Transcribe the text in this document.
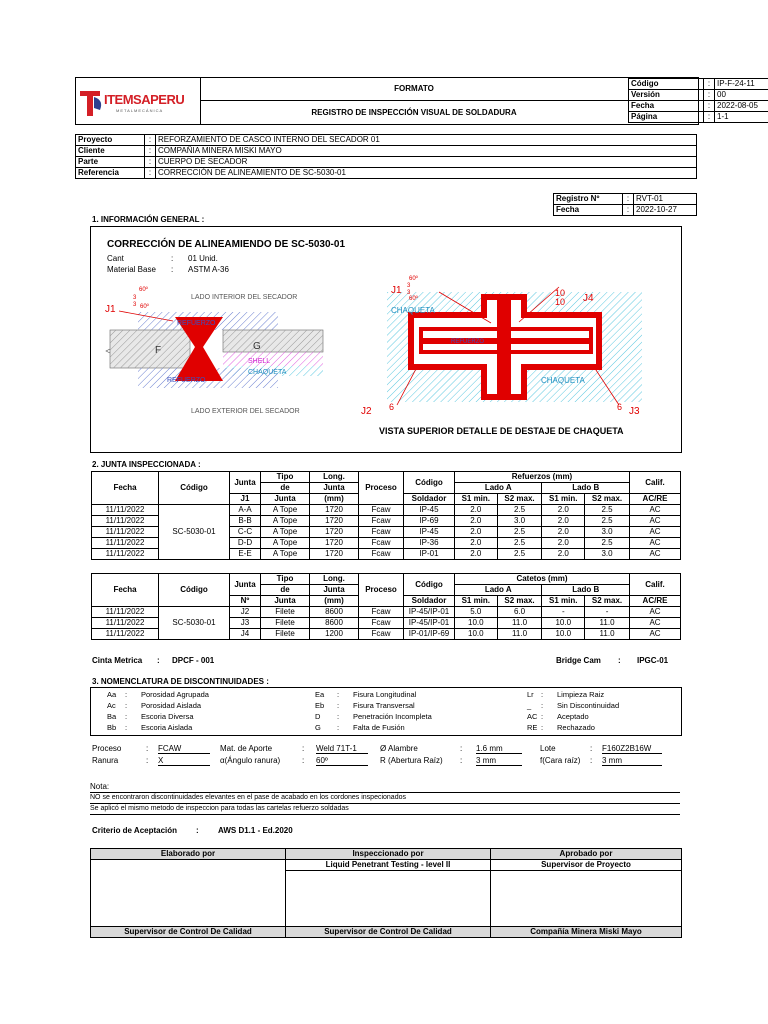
ITEMSAPERU
METALMECÁNICA
FORMATO
REGISTRO DE INSPECCIÓN VISUAL DE SOLDADURA
Código	:	IP-F-24-11
Versión	:	00
Fecha	:	2022-08-05
Página	:	1-1
Proyecto	:	REFORZAMIENTO DE CASCO INTERNO DEL SECADOR 01
Cliente	:	COMPAÑIA MINERA MISKI MAYO
Parte	:	CUERPO DE SECADOR
Referencia	:	CORRECCIÓN DE ALINEAMIENTO DE SC-5030-01
Registro Nº	:	RVT-01
Fecha	:	2022-10-27
1. INFORMACIÓN GENERAL :
CORRECCIÓN DE ALINEAMIENDO DE SC-5030-01
Cant	: 01 Unid.
Material Base : ASTM A-36
J1
60º
3
3 60º
LADO INTERIOR DEL SECADOR
REFUERZO
F	G
SHELL
CHAQUETA
REFUERZO
LADO EXTERIOR DEL SECADOR
J1
60º
3
3
60º
10
10 J4
CHAQUETA
REFUERZO
CHAQUETA
J2 6	6 J3
VISTA SUPERIOR DETALLE DE DESTAJE DE CHAQUETA
2. JUNTA INSPECCIONADA :
Fecha	Código	Junta	Tipo	Long.	Proceso	Código	Refuerzos (mm)				Calif.
			de	Junta			Lado A		Lado B		
		J1	Junta	(mm)		Soldador	S1 min.	S2 max.	S1 min.	S2 max.	AC/RE
11/11/2022	SC-5030-01	A-A	A Tope	1720	Fcaw	IP-45	2.0	2.5	2.0	2.5	AC
11/11/2022		B-B	A Tope	1720	Fcaw	IP-69	2.0	3.0	2.0	2.5	AC
11/11/2022		C-C	A Tope	1720	Fcaw	IP-45	2.0	2.5	2.0	3.0	AC
11/11/2022		D-D	A Tope	1720	Fcaw	IP-36	2.0	2.5	2.0	2.5	AC
11/11/2022		E-E	A Tope	1720	Fcaw	IP-01	2.0	2.5	2.0	3.0	AC
Fecha	Código	Junta	Tipo	Long.	Proceso	Código	Catetos (mm)				Calif.
			de	Junta			Lado A		Lado B		
		Nº	Junta	(mm)		Soldador	S1 min.	S2 max.	S1 min.	S2 max.	AC/RE
11/11/2022	SC-5030-01	J2	Filete	8600	Fcaw	IP-45/IP-01	5.0	6.0	-	-	AC
11/11/2022		J3	Filete	8600	Fcaw	IP-45/IP-01	10.0	11.0	10.0	11.0	AC
11/11/2022		J4	Filete	1200	Fcaw	IP-01/IP-69	10.0	11.0	10.0	11.0	AC
Cinta Metrica : DPCF - 001	Bridge Cam : IPGC-01
3. NOMENCLATURA DE DISCONTINUIDADES :
Aa : Porosidad Agrupada	Ea : Fisura Longitudinal	Lr : Limpieza Raiz
Ac : Porosidad Aislada	Eb : Fisura Transversal	_ : Sin Discontinuidad
Ba : Escoria Diversa	D : Penetración Incompleta	AC : Aceptado
Bb : Escoria Aislada	G : Falta de Fusión	RE : Rechazado
Proceso	: FCAW
Ranura	: X
Mat. de Aporte	: Weld 71T-1
α(Ángulo ranura)	: 60º
Ø Alambre	: 1.6 mm
R (Abertura Raíz) : 3 mm
Lote	: F160Z2B16W
f(Cara raíz) : 3 mm
Nota:
NO se encontraron discontinuidades elevantes en el pase de acabado en los cordones inspecionados
Se aplicó el mismo metodo de inspeccion para todas las cartelas refuerzo soldadas
Criterio de Aceptación : AWS D1.1 - Ed.2020
Elaborado por	Inspeccionado por	Aprobado por
	Liquid Penetrant Testing - level II	Supervisor de Proyecto

Supervisor de Control De Calidad	Supervisor de Control De Calidad	Compañía Minera Miski Mayo
